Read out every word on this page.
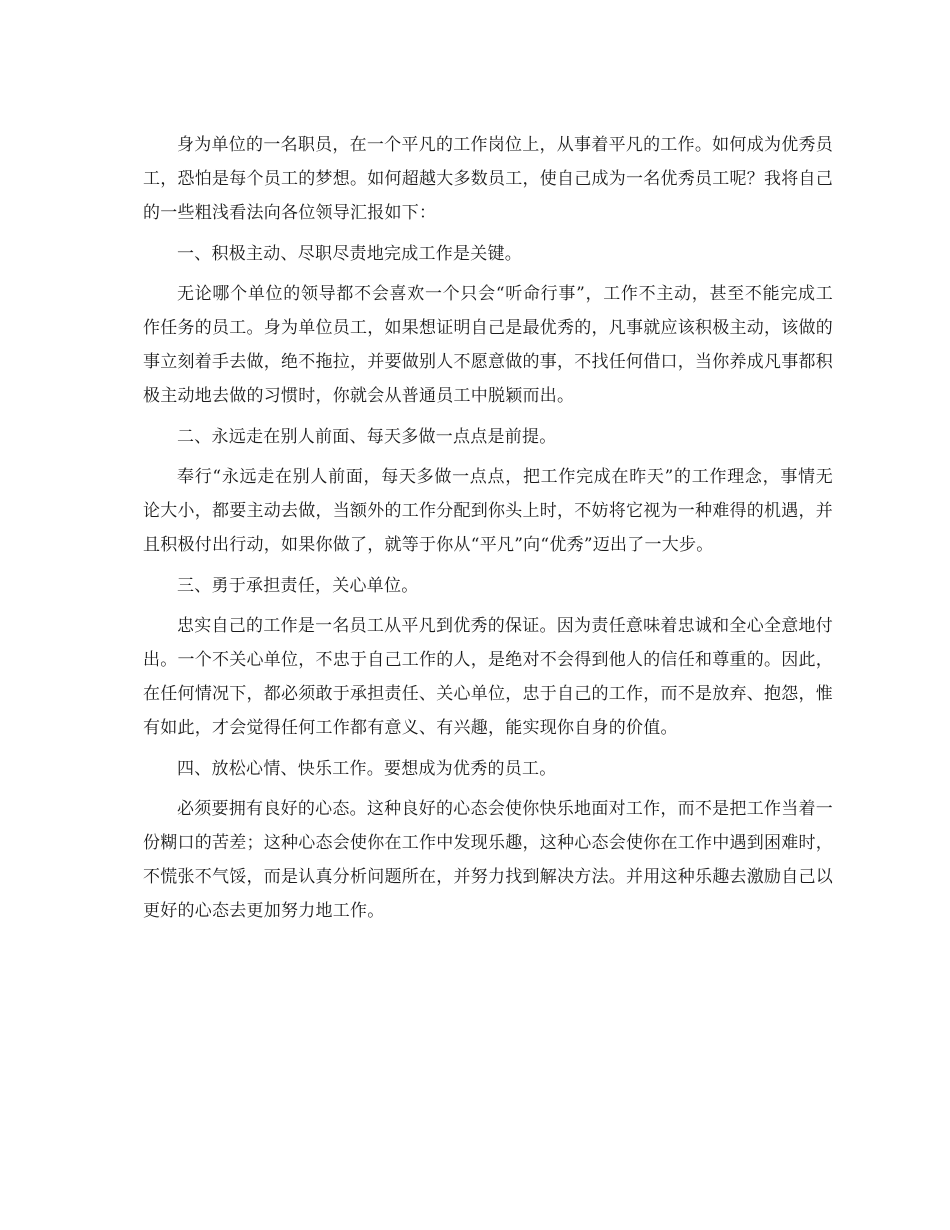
身为单位的一名职员，在一个平凡的工作岗位上，从事着平凡的工作。如何成为优秀员工，恐怕是每个员工的梦想。如何超越大多数员工，使自己成为一名优秀员工呢？我将自己的一些粗浅看法向各位领导汇报如下：

一、积极主动、尽职尽责地完成工作是关键。

无论哪个单位的领导都不会喜欢一个只会“听命行事”，工作不主动，甚至不能完成工作任务的员工。身为单位员工，如果想证明自己是最优秀的，凡事就应该积极主动，该做的事立刻着手去做，绝不拖拉，并要做别人不愿意做的事，不找任何借口，当你养成凡事都积极主动地去做的习惯时，你就会从普通员工中脱颖而出。

二、永远走在别人前面、每天多做一点点是前提。

奉行“永远走在别人前面，每天多做一点点，把工作完成在昨天”的工作理念，事情无论大小，都要主动去做，当额外的工作分配到你头上时，不妨将它视为一种难得的机遇，并且积极付出行动，如果你做了，就等于你从“平凡”向“优秀”迈出了一大步。

三、勇于承担责任，关心单位。

忠实自己的工作是一名员工从平凡到优秀的保证。因为责任意味着忠诚和全心全意地付出。一个不关心单位，不忠于自己工作的人，是绝对不会得到他人的信任和尊重的。因此，在任何情况下，都必须敢于承担责任、关心单位，忠于自己的工作，而不是放弃、抱怨，惟有如此，才会觉得任何工作都有意义、有兴趣，能实现你自身的价值。

四、放松心情、快乐工作。要想成为优秀的员工。

必须要拥有良好的心态。这种良好的心态会使你快乐地面对工作，而不是把工作当着一份糊口的苦差；这种心态会使你在工作中发现乐趣，这种心态会使你在工作中遇到困难时，不慌张不气馁，而是认真分析问题所在，并努力找到解决方法。并用这种乐趣去激励自己以更好的心态去更加努力地工作。
